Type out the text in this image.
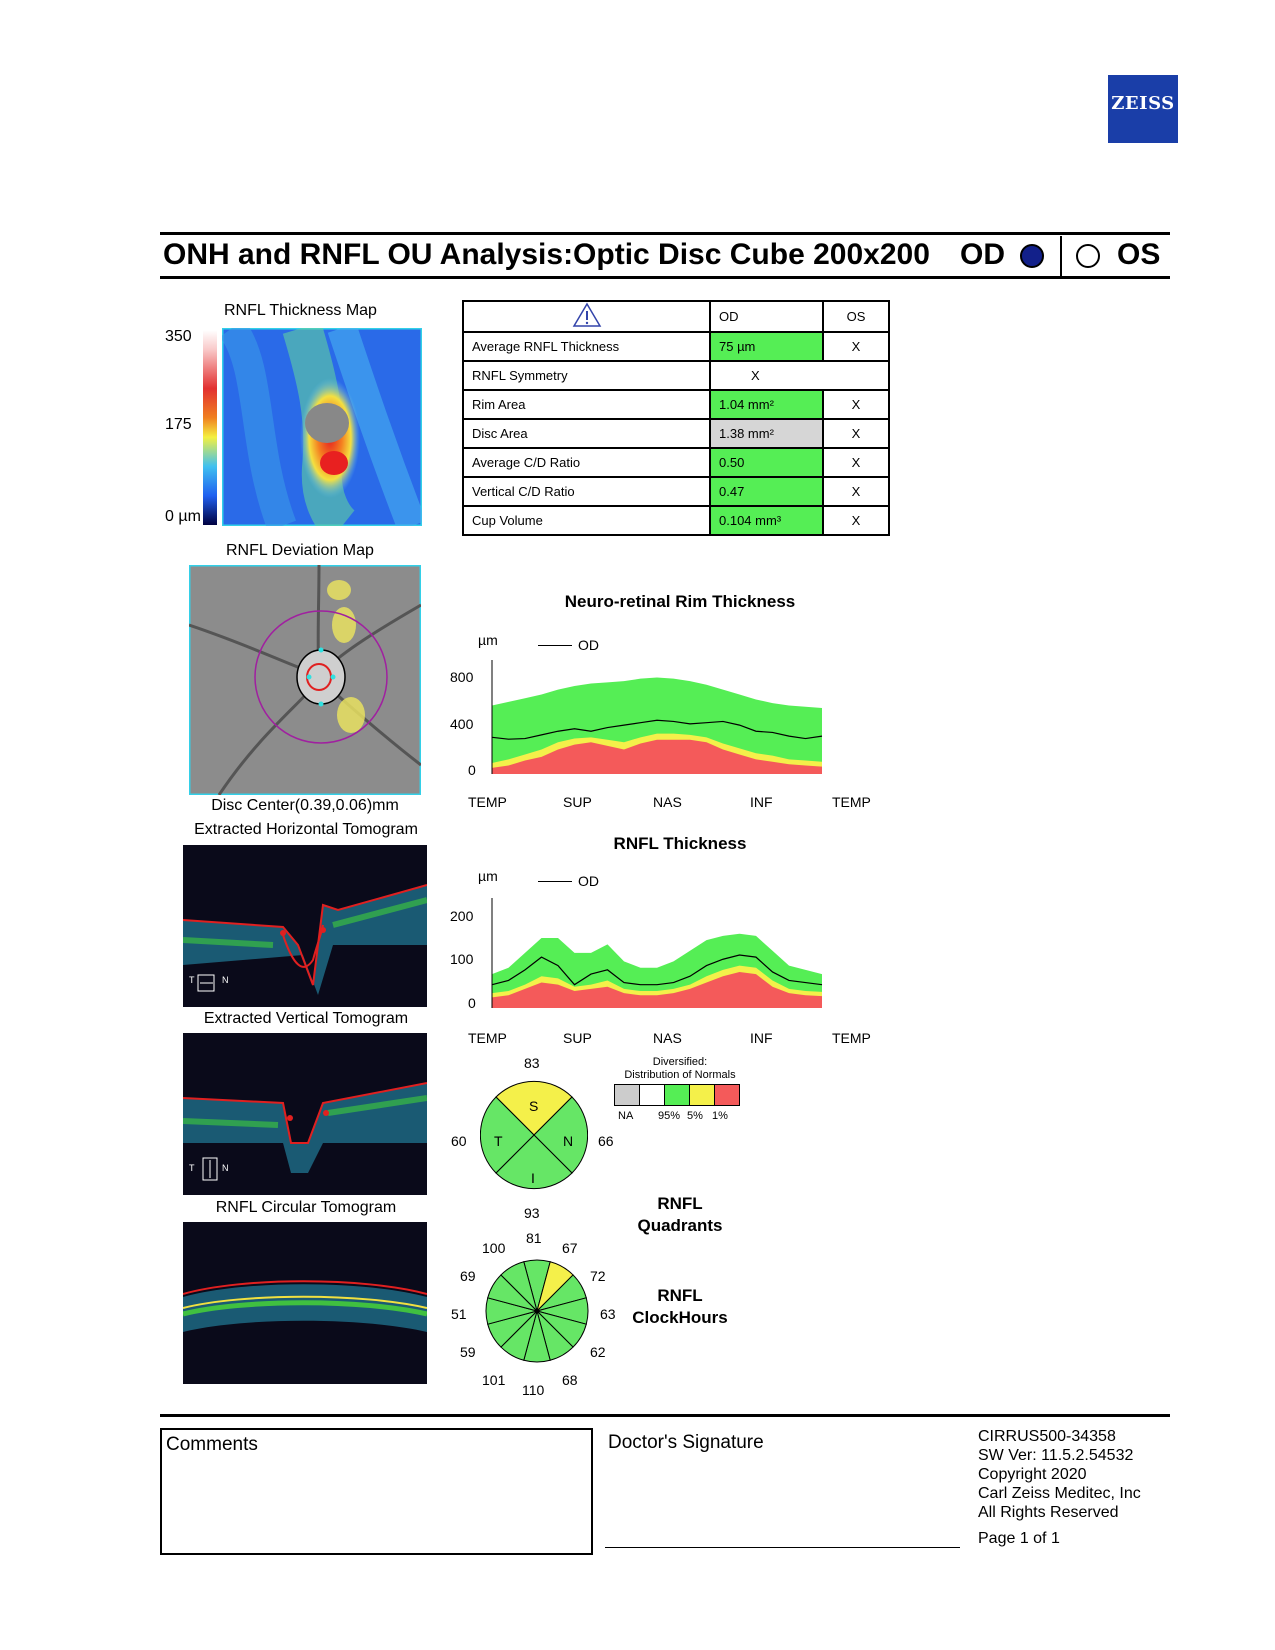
ZEISS
ONH and RNFL OU Analysis:Optic Disc Cube 200x200 OD	OS
RNFL Thickness Map
350
175
0 µm
RNFL Deviation Map
Disc Center(0.39,0.06)mm
Extracted Horizontal Tomogram
T	N
Extracted Vertical Tomogram
T	N
RNFL Circular Tomogram
	OD	OS
Average RNFL Thickness	75 µm	X
RNFL Symmetry	X	
Rim Area	1.04 mm²	X
Disc Area	1.38 mm²	X
Average C/D Ratio	0.50	X
Vertical C/D Ratio	0.47	X
Cup Volume	0.104 mm³	X
Neuro-retinal Rim Thickness
µm	OD
800
400
0
TEMP	SUP	NAS	INF	TEMP
RNFL Thickness
µm	OD
200
100
0
TEMP	SUP	NAS	INF	TEMP
83
60	66
93
S
N
I
T
Diversified:
Distribution of Normals
NA 95% 5% 1%
RNFL
Quadrants
81
67
72
63
62
68
110
101
59
51
69
100
RNFL
ClockHours
Comments	Doctor's Signature	CIRRUS500-34358
SW Ver: 11.5.2.54532
Copyright 2020
Carl Zeiss Meditec, Inc
All Rights Reserved
Page 1 of 1
